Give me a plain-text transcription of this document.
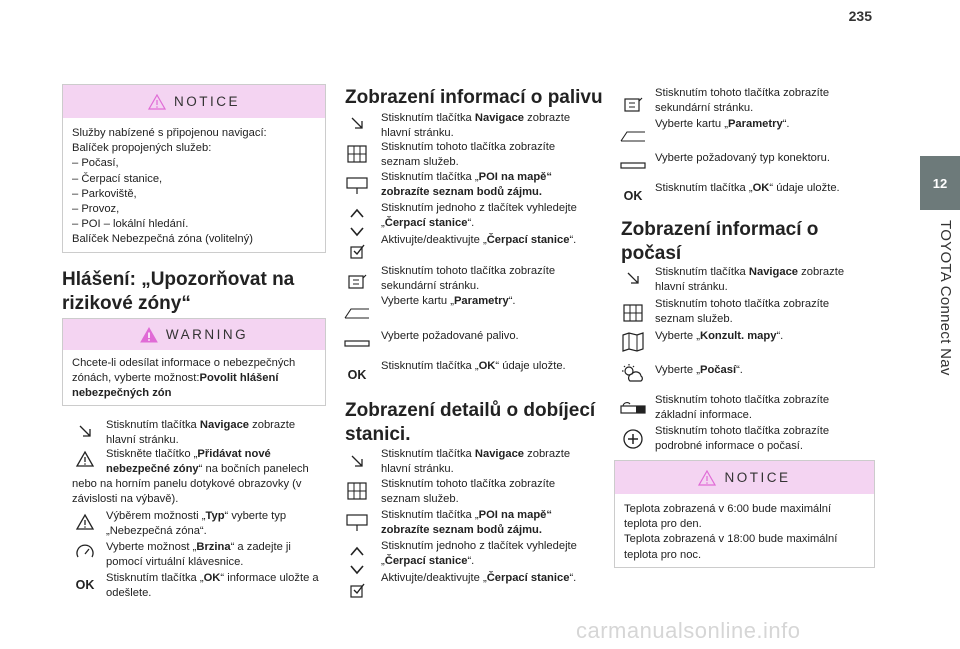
235
12
TOYOTA Connect Nav
NOTICE
Služby nabízené s připojenou navigací:
Balíček propojených služeb:
– Počasí,
– Čerpací stanice,
– Parkoviště,
– Provoz,
– POI – lokální hledání.
Balíček Nebezpečná zóna (volitelný)
Hlášení: „Upozorňovat na rizikové zóny“
WARNING
Chcete-li odesílat informace o nebezpečných zónách, vyberte možnost:Povolit hlášení nebezpečných zón
Stisknutím tlačítka Navigace zobrazte hlavní stránku.
Stiskněte tlačítko „Přidávat nové nebezpečné zóny “ na bočních panelech nebo na horním panelu dotykové obrazovky (v závislosti na výbavě).
Výběrem možnosti „Typ“ vyberte typ „Nebezpečná zóna“.
Vyberte možnost „Brzina“ a zadejte ji pomocí virtuální klávesnice.
OK	Stisknutím tlačítka „OK“ informace uložte a odešlete.
Zobrazení informací o palivu
Stisknutím tlačítka Navigace zobrazte hlavní stránku.
Stisknutím tohoto tlačítka zobrazíte seznam služeb.
Stisknutím tlačítka „POI na mapě“ zobrazíte seznam bodů zájmu.
Stisknutím jednoho z tlačítek vyhledejte „Čerpací stanice“.
Aktivujte/deaktivujte „Čerpací stanice“.
Stisknutím tohoto tlačítka zobrazíte sekundární stránku.
Vyberte kartu „Parametry“.
Vyberte požadované palivo.
OK
Stisknutím tlačítka „OK“ údaje uložte.
Zobrazení detailů o dobíjecí stanici.
Stisknutím tlačítka Navigace zobrazte hlavní stránku.
Stisknutím tohoto tlačítka zobrazíte seznam služeb.
Stisknutím tlačítka „POI na mapě“ zobrazíte seznam bodů zájmu.
Stisknutím jednoho z tlačítek vyhledejte „Čerpací stanice“.
Aktivujte/deaktivujte „Čerpací stanice“.
Stisknutím tohoto tlačítka zobrazíte sekundární stránku.
Vyberte kartu „Parametry“.
Vyberte požadovaný typ konektoru.
OK
Stisknutím tlačítka „OK“ údaje uložte.
Zobrazení informací o počasí
Stisknutím tlačítka Navigace zobrazte hlavní stránku.
Stisknutím tohoto tlačítka zobrazíte seznam služeb.
Vyberte „Konzult. mapy“.
Vyberte „Počasí“.
Stisknutím tohoto tlačítka zobrazíte základní informace.
Stisknutím tohoto tlačítka zobrazíte podrobné informace o počasí.
NOTICE
Teplota zobrazená v 6:00 bude maximální teplota pro den.
Teplota zobrazená v 18:00 bude maximální teplota pro noc.
carmanualsonline.info
